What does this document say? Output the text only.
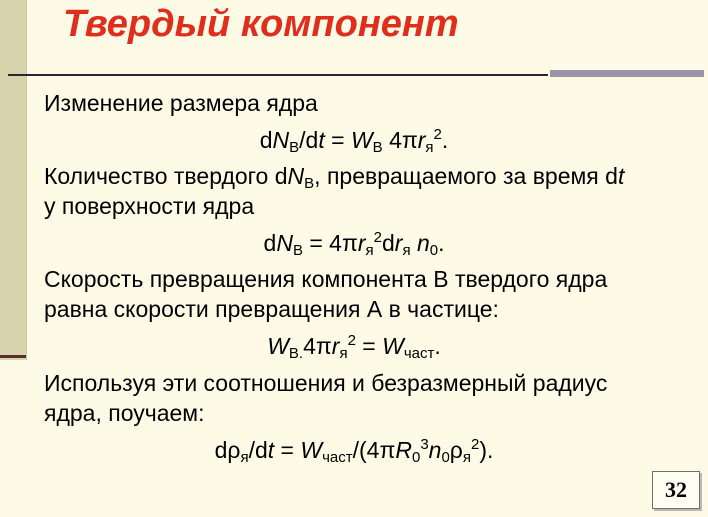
Твердый компонент
Изменение размера ядра
$dN_B/dt = W_B$ $4\pi r_я^2$.
Количество твердого $dN_В$, превращаемого за время dt
у поверхности ядра
$dN_B = 4\pi r_я^2dr_я$ $n_0$.
Скорость превращения компонента В твердого ядра
равна скорости превращения А в частице:
$W_{B.}4\pi r_я^2 = W_{част}$.
Используя эти соотношения и безразмерный радиус
ядра, поучаем:
$d\rho_я/dt = W_{част}/(4\pi R_0^3n_0\rho_я^2)$.
32
